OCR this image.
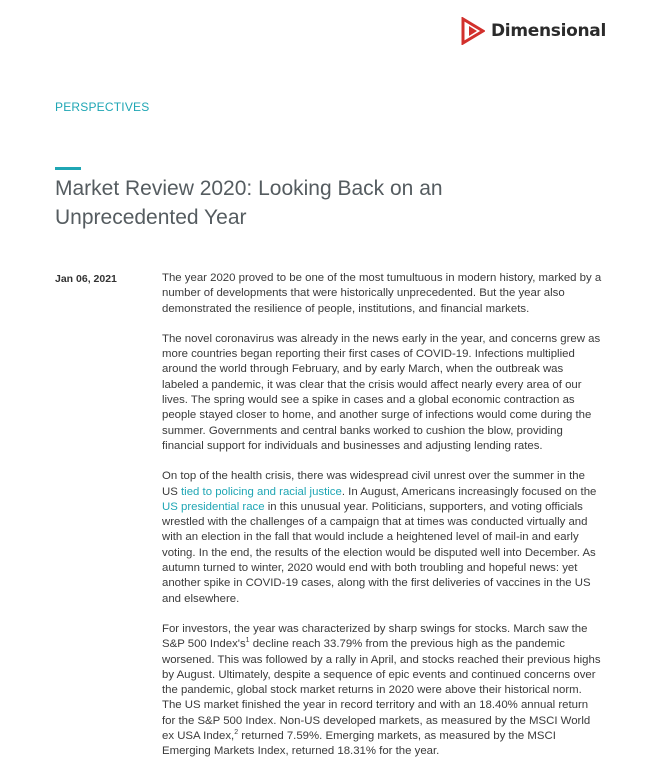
Dimensional
PERSPECTIVES
Market Review 2020: Looking Back on an Unprecedented Year
Jan 06, 2021	The year 2020 proved to be one of the most tumultuous in modern history, marked by a number of developments that were historically unprecedented. But the year also demonstrated the resilience of people, institutions, and financial markets.

The novel coronavirus was already in the news early in the year, and concerns grew as more countries began reporting their first cases of COVID-19. Infections multiplied around the world through February, and by early March, when the outbreak was labeled a pandemic, it was clear that the crisis would affect nearly every area of our lives. The spring would see a spike in cases and a global economic contraction as people stayed closer to home, and another surge of infections would come during the summer. Governments and central banks worked to cushion the blow, providing financial support for individuals and businesses and adjusting lending rates.

On top of the health crisis, there was widespread civil unrest over the summer in the US tied to policing and racial justice. In August, Americans increasingly focused on the US presidential race in this unusual year. Politicians, supporters, and voting officials wrestled with the challenges of a campaign that at times was conducted virtually and with an election in the fall that would include a heightened level of mail-in and early voting. In the end, the results of the election would be disputed well into December. As autumn turned to winter, 2020 would end with both troubling and hopeful news: yet another spike in COVID-19 cases, along with the first deliveries of vaccines in the US and elsewhere.

For investors, the year was characterized by sharp swings for stocks. March saw the S&P 500 $Index's^1$ decline reach 33.79% from the previous high as the pandemic worsened. This was followed by a rally in April, and stocks reached their previous highs by August. Ultimately, despite a sequence of epic events and continued concerns over the pandemic, global stock market returns in 2020 were above their historical norm. The US market finished the year in record territory and with an 18.40% annual return for the S&P 500 Index. Non-US developed markets, as measured by the MSCI World ex USA Index,$^2$ returned 7.59%. Emerging markets, as measured by the MSCI Emerging Markets Index, returned 18.31% for the year.
